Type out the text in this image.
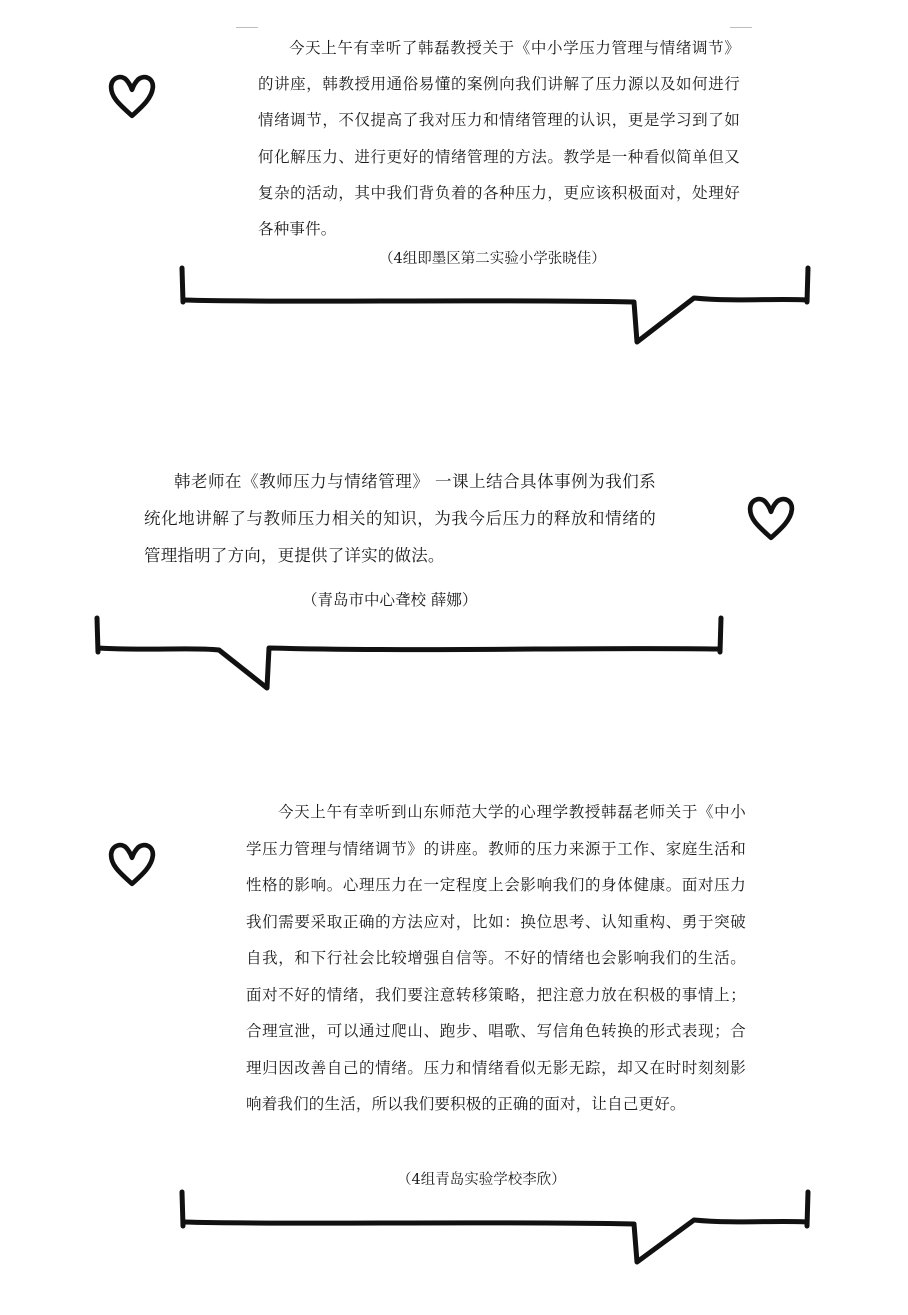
今天上午有幸听了韩磊教授关于《中小学压力管理与情绪调节》的讲座，韩教授用通俗易懂的案例向我们讲解了压力源以及如何进行情绪调节，不仅提高了我对压力和情绪管理的认识，更是学习到了如何化解压力、进行更好的情绪管理的方法。教学是一种看似简单但又复杂的活动，其中我们背负着的各种压力，更应该积极面对，处理好各种事件。

（4组即墨区第二实验小学张晓佳）

韩老师在《教师压力与情绪管理》 一课上结合具体事例为我们系统化地讲解了与教师压力相关的知识，为我今后压力的释放和情绪的管理指明了方向，更提供了详实的做法。

（青岛市中心聋校 薛娜）

今天上午有幸听到山东师范大学的心理学教授韩磊老师关于《中小学压力管理与情绪调节》的讲座。教师的压力来源于工作、家庭生活和性格的影响。心理压力在一定程度上会影响我们的身体健康。面对压力我们需要采取正确的方法应对，比如：换位思考、认知重构、勇于突破自我，和下行社会比较增强自信等。不好的情绪也会影响我们的生活。面对不好的情绪，我们要注意转移策略，把注意力放在积极的事情上；合理宣泄，可以通过爬山、跑步、唱歌、写信角色转换的形式表现；合理归因改善自己的情绪。压力和情绪看似无影无踪，却又在时时刻刻影响着我们的生活，所以我们要积极的正确的面对，让自己更好。

（4组青岛实验学校李欣）
